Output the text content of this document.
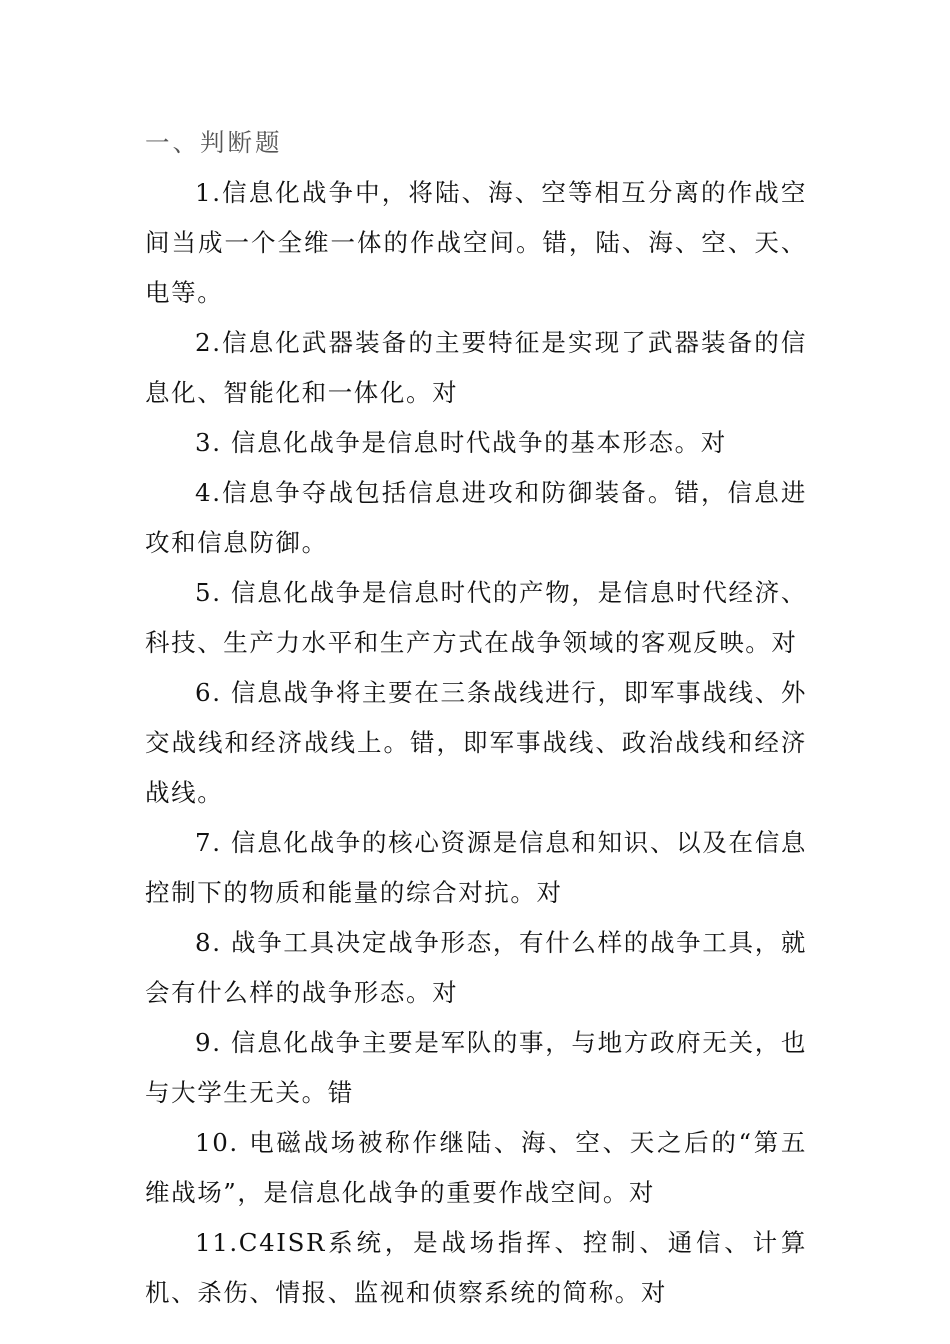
一、判断题
1.信息化战争中，将陆、海、空等相互分离的作战空间当成一个全维一体的作战空间。错，陆、海、空、天、电等。
2.信息化武器装备的主要特征是实现了武器装备的信息化、智能化和一体化。对
3. 信息化战争是信息时代战争的基本形态。对
4.信息争夺战包括信息进攻和防御装备。错，信息进攻和信息防御。
5. 信息化战争是信息时代的产物，是信息时代经济、科技、生产力水平和生产方式在战争领域的客观反映。对
6. 信息战争将主要在三条战线进行，即军事战线、外交战线和经济战线上。错，即军事战线、政治战线和经济战线。
7. 信息化战争的核心资源是信息和知识、以及在信息控制下的物质和能量的综合对抗。对
8. 战争工具决定战争形态，有什么样的战争工具，就会有什么样的战争形态。对
9. 信息化战争主要是军队的事，与地方政府无关，也与大学生无关。错
10. 电磁战场被称作继陆、海、空、天之后的“第五维战场”，是信息化战争的重要作战空间。对
11.C4ISR系统，是战场指挥、控制、通信、计算机、杀伤、情报、监视和侦察系统的简称。对
